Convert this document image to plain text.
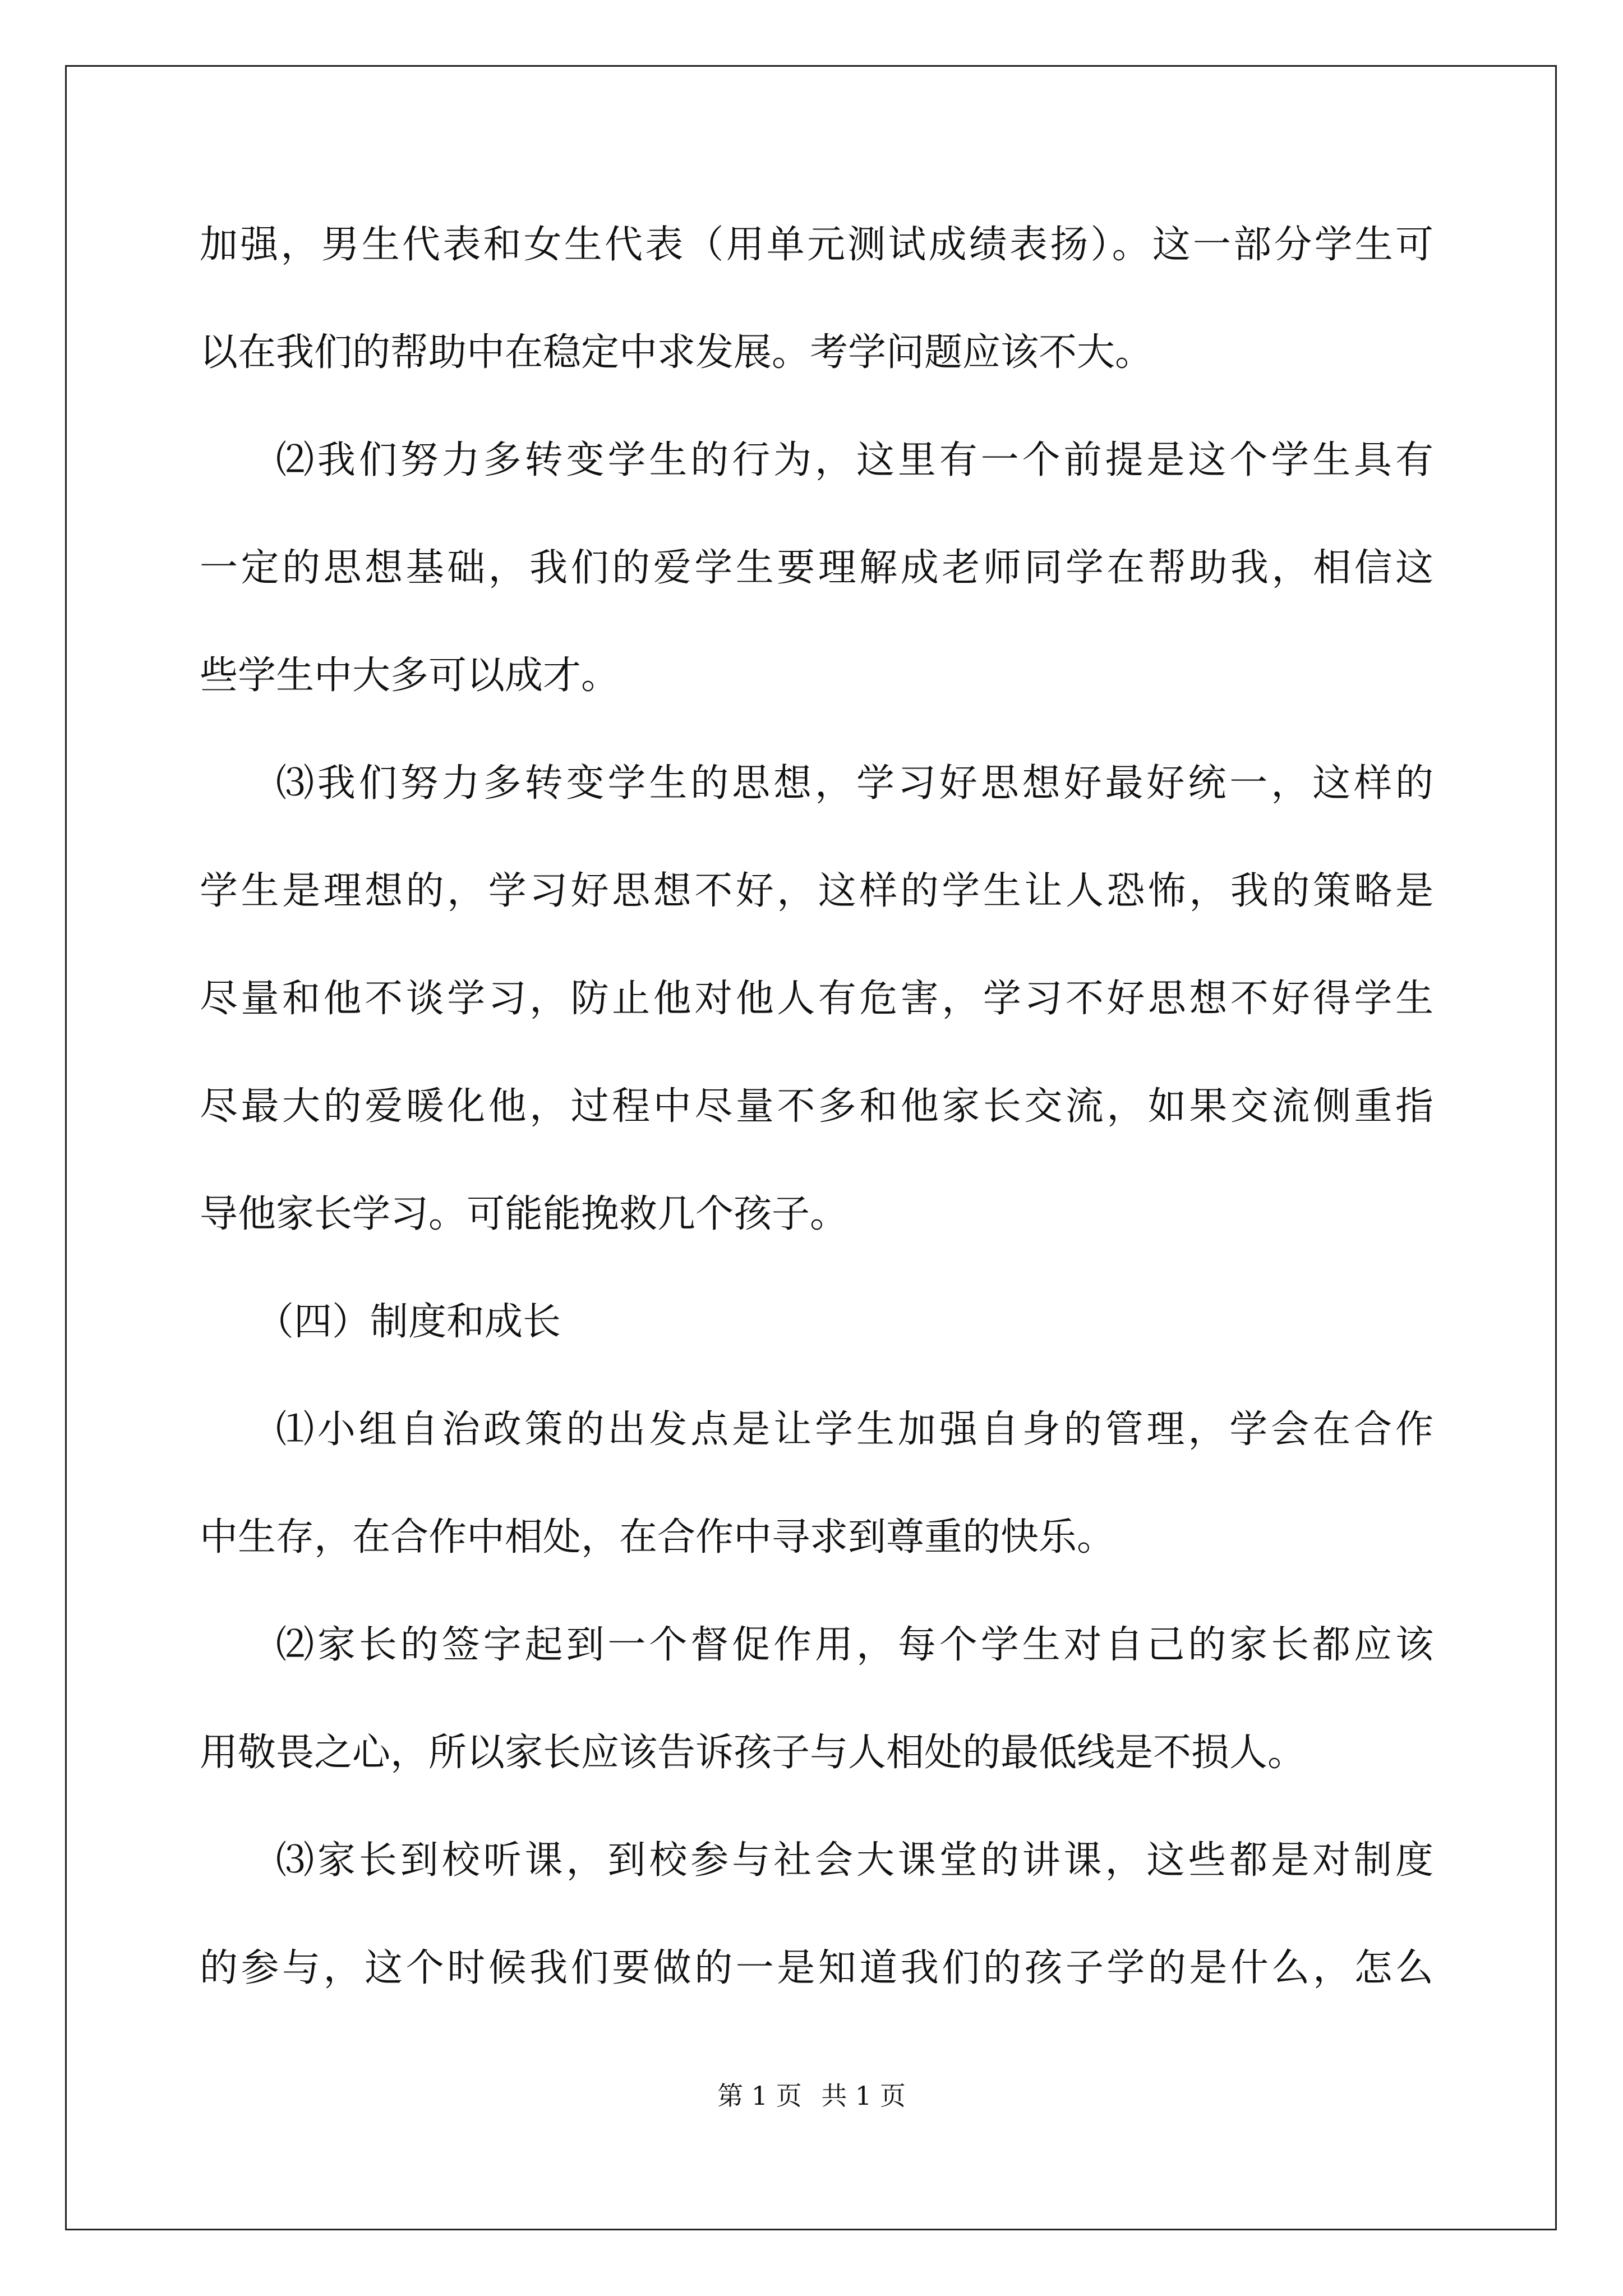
加强，男生代表和女生代表（用单元测试成绩表扬）。这一部分学生可
以在我们的帮助中在稳定中求发展。考学问题应该不大。
⑵我们努力多转变学生的行为，这里有一个前提是这个学生具有
一定的思想基础，我们的爱学生要理解成老师同学在帮助我，相信这
些学生中大多可以成才。
⑶我们努力多转变学生的思想，学习好思想好最好统一，这样的
学生是理想的，学习好思想不好，这样的学生让人恐怖，我的策略是
尽量和他不谈学习，防止他对他人有危害，学习不好思想不好得学生
尽最大的爱暖化他，过程中尽量不多和他家长交流，如果交流侧重指
导他家长学习。可能能挽救几个孩子。
（四）制度和成长
⑴小组自治政策的出发点是让学生加强自身的管理，学会在合作
中生存，在合作中相处，在合作中寻求到尊重的快乐。
⑵家长的签字起到一个督促作用，每个学生对自己的家长都应该
用敬畏之心，所以家长应该告诉孩子与人相处的最低线是不损人。
⑶家长到校听课，到校参与社会大课堂的讲课，这些都是对制度
的参与，这个时候我们要做的一是知道我们的孩子学的是什么，怎么
第 1 页 共 1 页
